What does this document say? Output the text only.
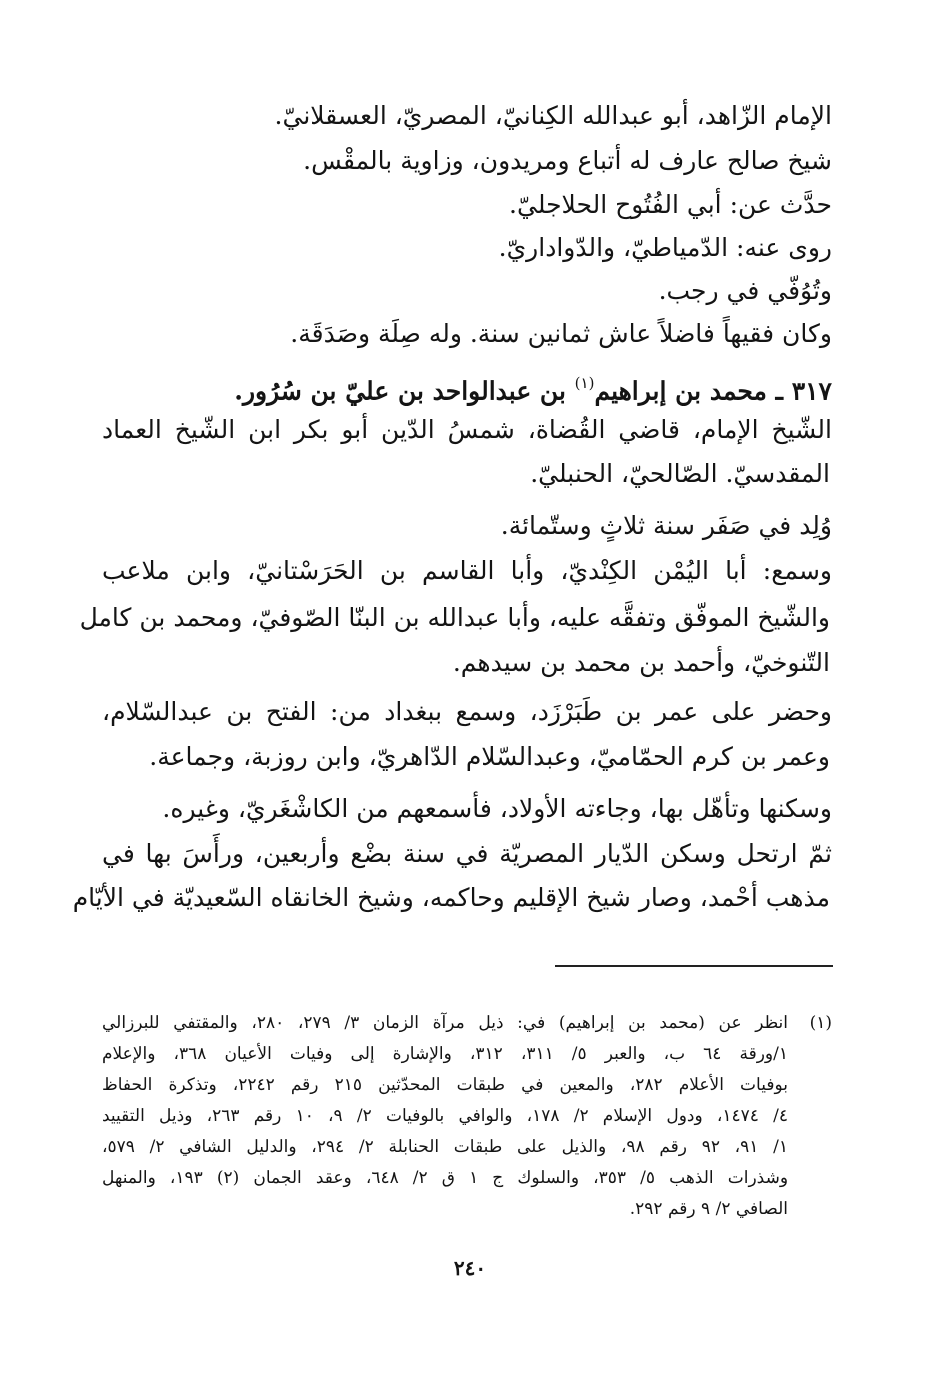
الإمام الزّاهد، أبو عبدالله الكِنانيّ، المصريّ، العسقلانيّ.
شيخ صالح عارف له أتباع ومريدون، وزاوية بالمقْس.
حدَّث عن: أبي الفُتُوح الحلاجليّ.
روى عنه: الدّمياطيّ، والدّواداريّ.
وتُوُفّي في رجب.
وكان فقيهاً فاضلاً عاش ثمانين سنة. وله صِلَة وصَدَقَة.
٣١٧ ـ محمد بن إبراهيم$^{(١)}$ بن عبدالواحد بن عليّ بن سُرُور.
الشّيخ الإمام، قاضي القُضاة، شمسُ الدّين أبو بكر ابن الشّيخ العماد
المقدسيّ. الصّالحيّ، الحنبليّ.
وُلِد في صَفَر سنة ثلاثٍ وستّمائة.
وسمع: أبا اليُمْن الكِنْديّ، وأبا القاسم بن الحَرَسْتانيّ، وابن ملاعب
والشّيخ الموفّق وتفقَّه عليه، وأبا عبدالله بن البنّا الصّوفيّ، ومحمد بن كامل
التّنوخيّ، وأحمد بن محمد بن سيدهم.
وحضر على عمر بن طَبَرْزَد، وسمع ببغداد من: الفتح بن عبدالسّلام،
وعمر بن كرم الحمّاميّ، وعبدالسّلام الدّاهريّ، وابن روزبة، وجماعة.
وسكنها وتأهّل بها، وجاءته الأولاد، فأسمعهم من الكاشْغَريّ، وغيره.
ثمّ ارتحل وسكن الدّيار المصريّة في سنة بضْع وأربعين، ورأَسَ بها في
مذهب أحْمد، وصار شيخ الإقليم وحاكمه، وشيخ الخانقاه السّعيديّة في الأيّام
(١)
انظر عن (محمد بن إبراهيم) في: ذيل مرآة الزمان ٣/ ٢٧٩، ٢٨٠، والمقتفي للبرزالي
١/ورقة ٦٤ ب، والعبر ٥/ ٣١١، ٣١٢، والإشارة إلى وفيات الأعيان ٣٦٨، والإعلام
بوفيات الأعلام ٢٨٢، والمعين في طبقات المحدّثين ٢١٥ رقم ٢٢٤٢، وتذكرة الحفاظ
٤/ ١٤٧٤، ودول الإسلام ٢/ ١٧٨، والوافي بالوفيات ٢/ ٩، ١٠ رقم ٢٦٣، وذيل التقييد
١/ ٩١، ٩٢ رقم ٩٨، والذيل على طبقات الحنابلة ٢/ ٢٩٤، والدليل الشافي ٢/ ٥٧٩،
وشذرات الذهب ٥/ ٣٥٣، والسلوك ج ١ ق ٢/ ٦٤٨، وعقد الجمان (٢) ١٩٣، والمنهل
الصافي ٢/ ٩ رقم ٢٩٢.
٢٤٠
